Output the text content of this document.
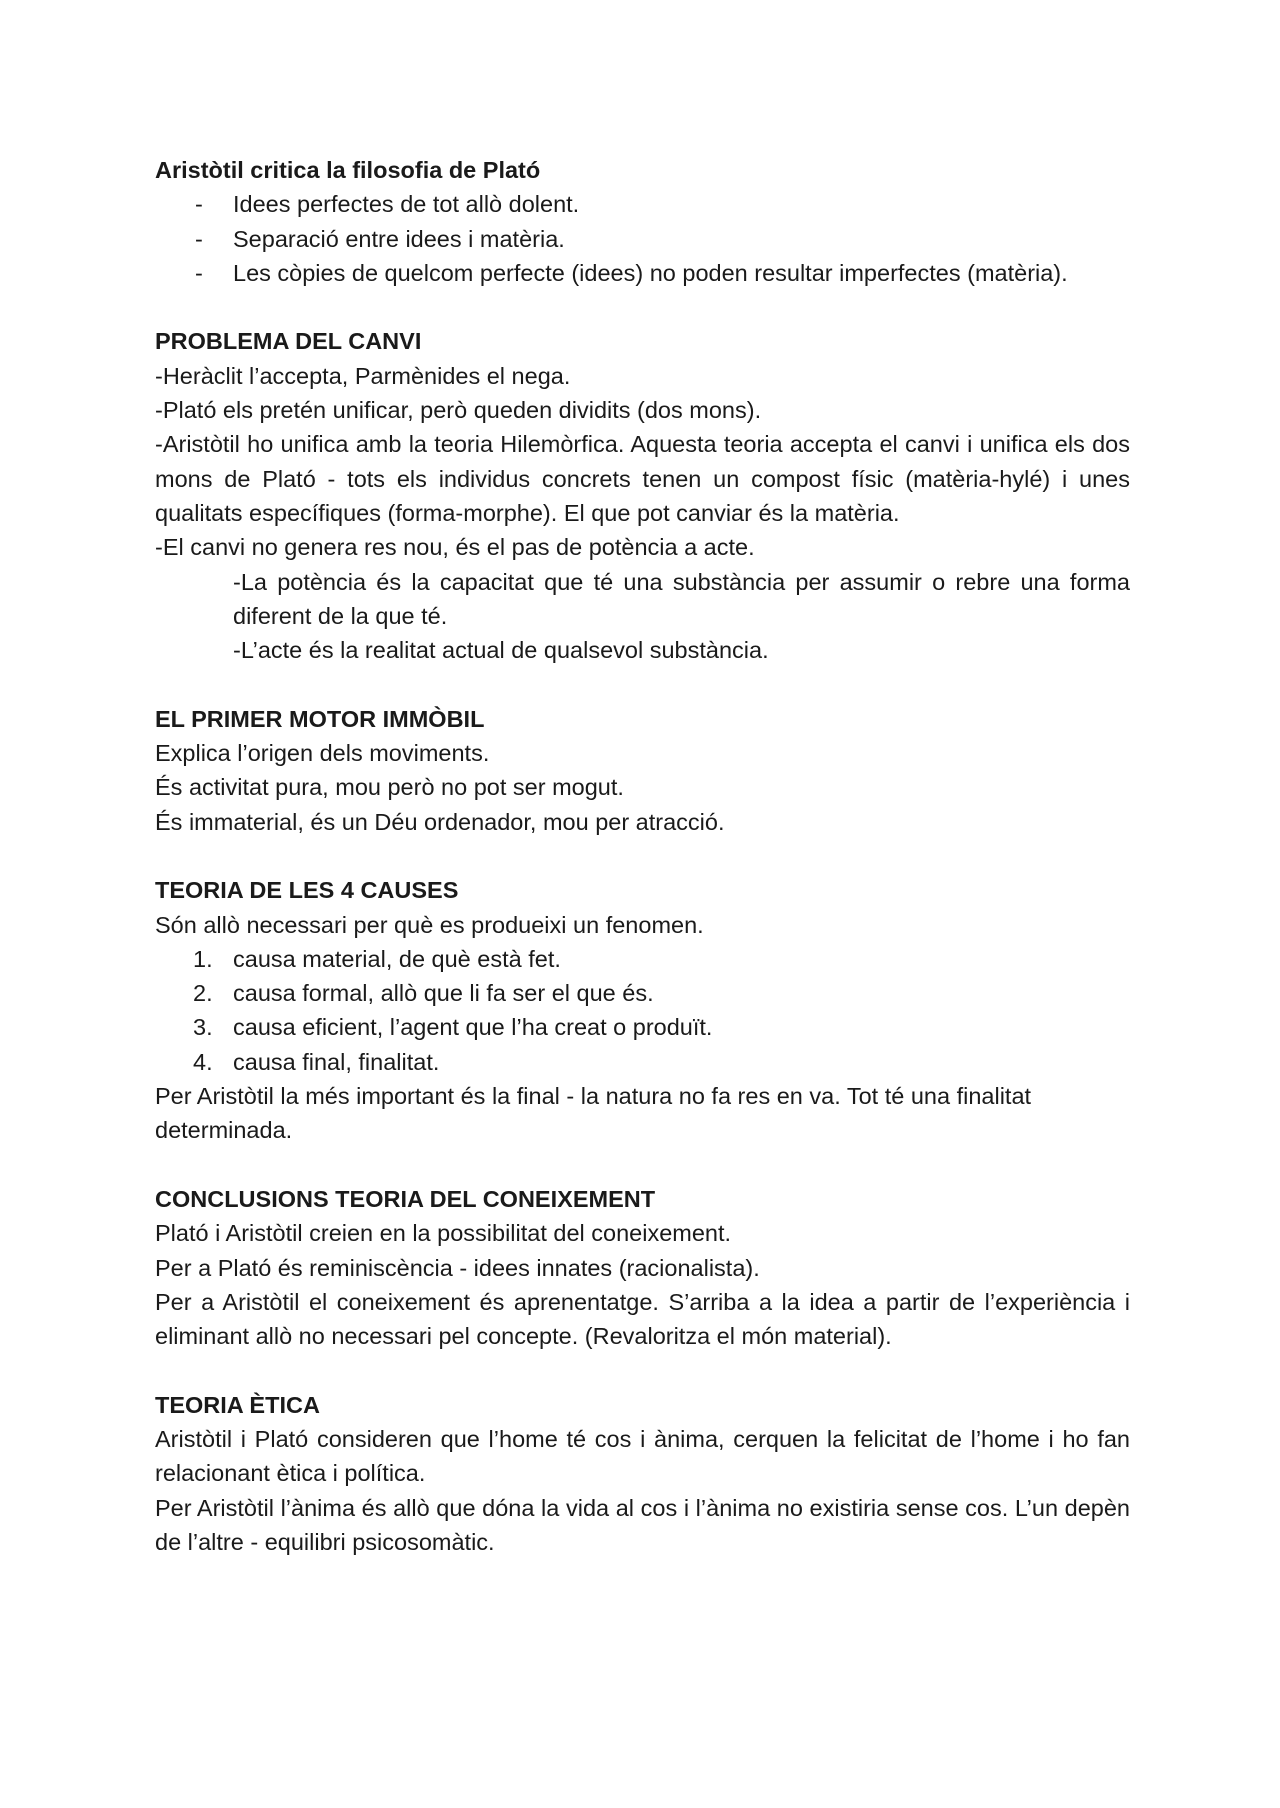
Aristòtil critica la filosofia de Plató

- Idees perfectes de tot allò dolent.
- Separació entre idees i matèria.
- Les còpies de quelcom perfecte (idees) no poden resultar imperfectes (matèria).

PROBLEMA DEL CANVI

-Heràclit l’accepta, Parmènides el nega.

-Plató els pretén unificar, però queden dividits (dos mons).

-Aristòtil ho unifica amb la teoria Hilemòrfica. Aquesta teoria accepta el canvi i unifica els dos mons de Plató - tots els individus concrets tenen un compost físic (matèria-hylé) i unes qualitats específiques (forma-morphe). El que pot canviar és la matèria.

-El canvi no genera res nou, és el pas de potència a acte.

-La potència és la capacitat que té una substància per assumir o rebre una forma diferent de la que té.

-L’acte és la realitat actual de qualsevol substància.

EL PRIMER MOTOR IMMÒBIL

Explica l’origen dels moviments.

És activitat pura, mou però no pot ser mogut.

És immaterial, és un Déu ordenador, mou per atracció.

TEORIA DE LES 4 CAUSES

Són allò necessari per què es produeixi un fenomen.

1. causa material, de què està fet.
2. causa formal, allò que li fa ser el que és.
3. causa eficient, l’agent que l’ha creat o produït.
4. causa final, finalitat.

Per Aristòtil la més important és la final - la natura no fa res en va. Tot té una finalitat determinada.

CONCLUSIONS TEORIA DEL CONEIXEMENT

Plató i Aristòtil creien en la possibilitat del coneixement.

Per a Plató és reminiscència - idees innates (racionalista).

Per a Aristòtil el coneixement és aprenentatge. S’arriba a la idea a partir de l’experiència i eliminant allò no necessari pel concepte. (Revaloritza el món material).

TEORIA ÈTICA

Aristòtil i Plató consideren que l’home té cos i ànima, cerquen la felicitat de l’home i ho fan relacionant ètica i política.

Per Aristòtil l’ànima és allò que dóna la vida al cos i l’ànima no existiria sense cos. L’un depèn de l’altre - equilibri psicosomàtic.
